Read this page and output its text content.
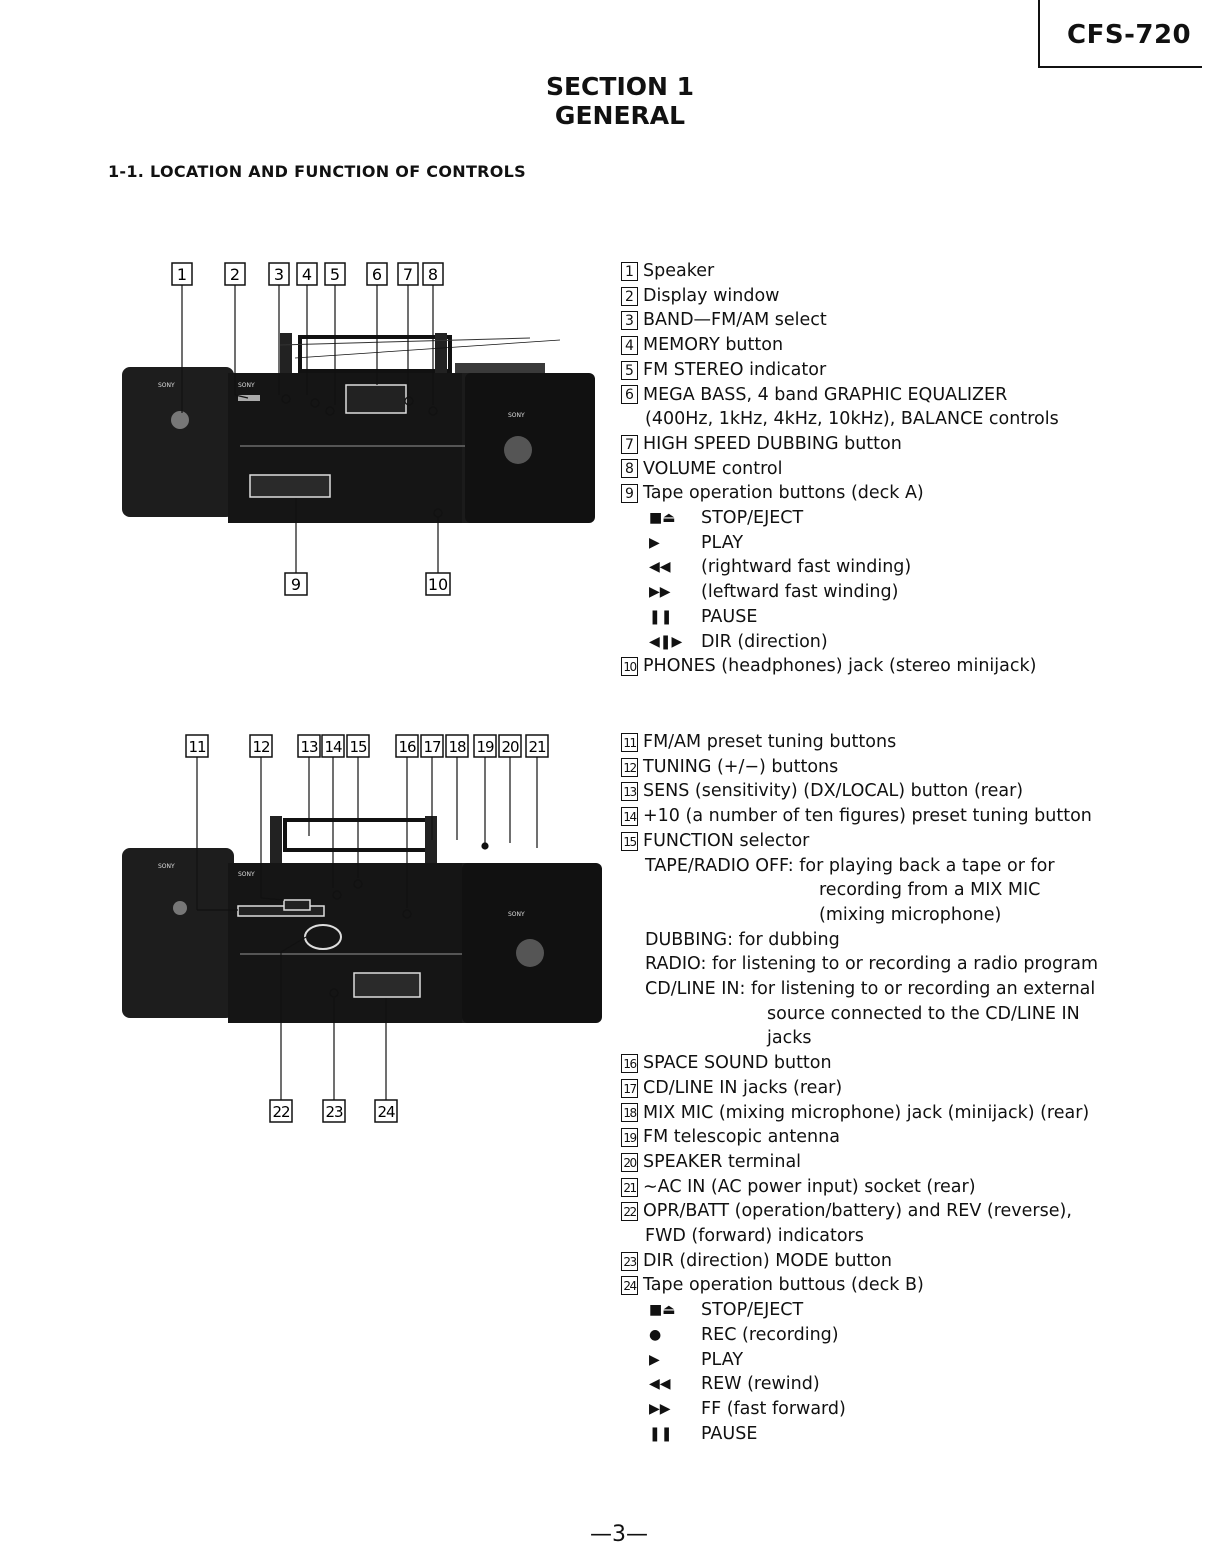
CFS-720
SECTION 1
GENERAL
1-1. LOCATION AND FUNCTION OF CONTROLS
1	2 3 4 5 6 7 8
9	10
SONY	SONY
SONY
1 Speaker
2 Display window
3 BAND—FM/AM select
4 MEMORY button
5 FM STEREO indicator
6 MEGA BASS, 4 band GRAPHIC EQUALIZER
(400Hz, 1kHz, 4kHz, 10kHz), BALANCE controls
7 HIGH SPEED DUBBING button
8 VOLUME control
9 Tape operation buttons (deck A)
■⏏	STOP/EJECT
▶	PLAY
◀◀	(rightward fast winding)
▶▶	(leftward fast winding)
❚❚	PAUSE
◀❚▶	DIR (direction)
10 PHONES (headphones) jack (stereo minijack)
11	12 13 14 15 16 17 18 19 20 21
22 23 24
SONY
SONY
SONY
11 FM/AM preset tuning buttons
12 TUNING (+/−) buttons
13 SENS (sensitivity) (DX/LOCAL) button (rear)
14 +10 (a number of ten figures) preset tuning button
15 FUNCTION selector
TAPE/RADIO OFF:
for playing back a tape or for
recording from a MIX MIC
(mixing microphone)
DUBBING:
for dubbing
RADIO:
for listening to or recording a radio program
CD/LINE IN:
for listening to or recording an external
source connected to the CD/LINE IN
jacks
16 SPACE SOUND button
17 CD/LINE IN jacks (rear)
18 MIX MIC (mixing microphone) jack (minijack) (rear)
19 FM telescopic antenna
20 SPEAKER terminal
21 ∼AC IN (AC power input) socket (rear)
22 OPR/BATT (operation/battery) and REV (reverse),
FWD (forward) indicators
23 DIR (direction) MODE button
24 Tape operation buttous (deck B)
■⏏	STOP/EJECT
●	REC (recording)
▶	PLAY
◀◀	REW (rewind)
▶▶	FF (fast forward)
❚❚	PAUSE
—3—
